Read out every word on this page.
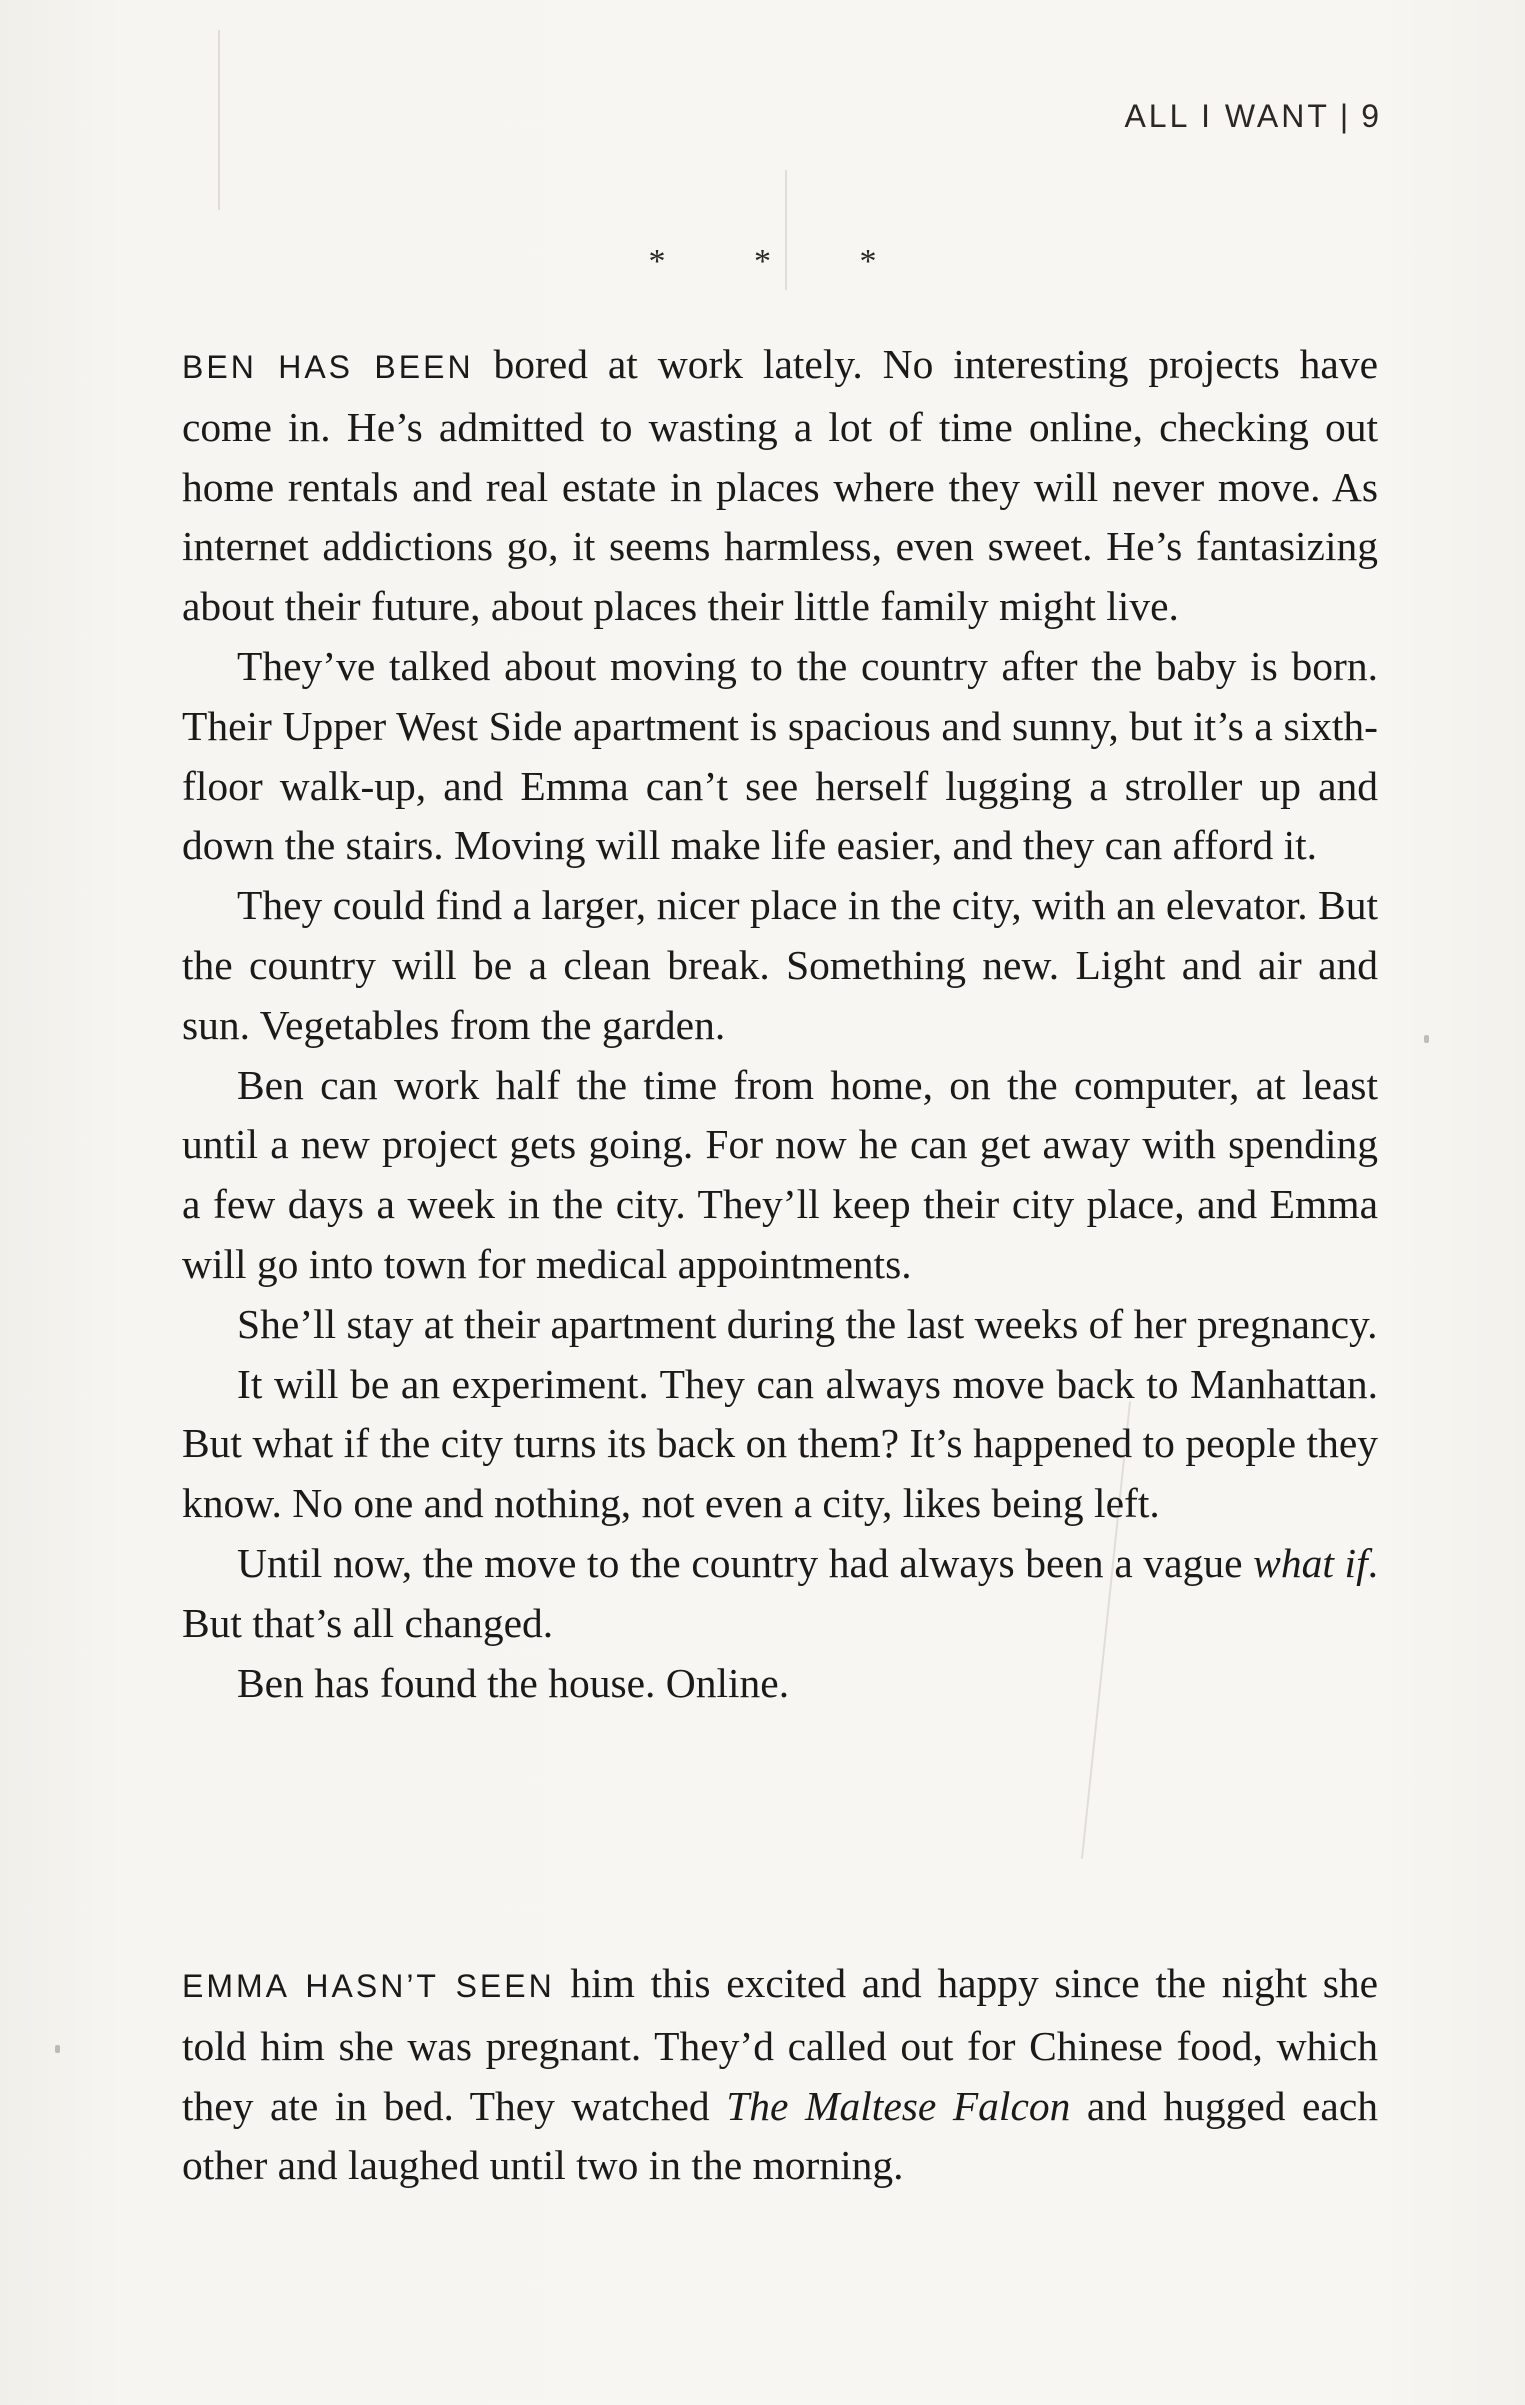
ALL I WANT | 9
* * *

BEN HAS BEEN bored at work lately. No interesting projects have come in. He’s admitted to wasting a lot of time online, checking out home rentals and real estate in places where they will never move. As internet addictions go, it seems harmless, even sweet. He’s fantasizing about their future, about places their little family might live.

They’ve talked about moving to the country after the baby is born. Their Upper West Side apartment is spacious and sunny, but it’s a sixth-floor walk-up, and Emma can’t see herself lugging a stroller up and down the stairs. Moving will make life easier, and they can afford it.

They could find a larger, nicer place in the city, with an elevator. But the country will be a clean break. Something new. Light and air and sun. Vegetables from the garden.

Ben can work half the time from home, on the computer, at least until a new project gets going. For now he can get away with spending a few days a week in the city. They’ll keep their city place, and Emma will go into town for medical appointments.

She’ll stay at their apartment during the last weeks of her pregnancy.

It will be an experiment. They can always move back to Manhattan. But what if the city turns its back on them? It’s happened to people they know. No one and nothing, not even a city, likes being left.

Until now, the move to the country had always been a vague what if. But that’s all changed.

Ben has found the house. Online.

EMMA HASN’T SEEN him this excited and happy since the night she told him she was pregnant. They’d called out for Chinese food, which they ate in bed. They watched The Maltese Falcon and hugged each other and laughed until two in the morning.
